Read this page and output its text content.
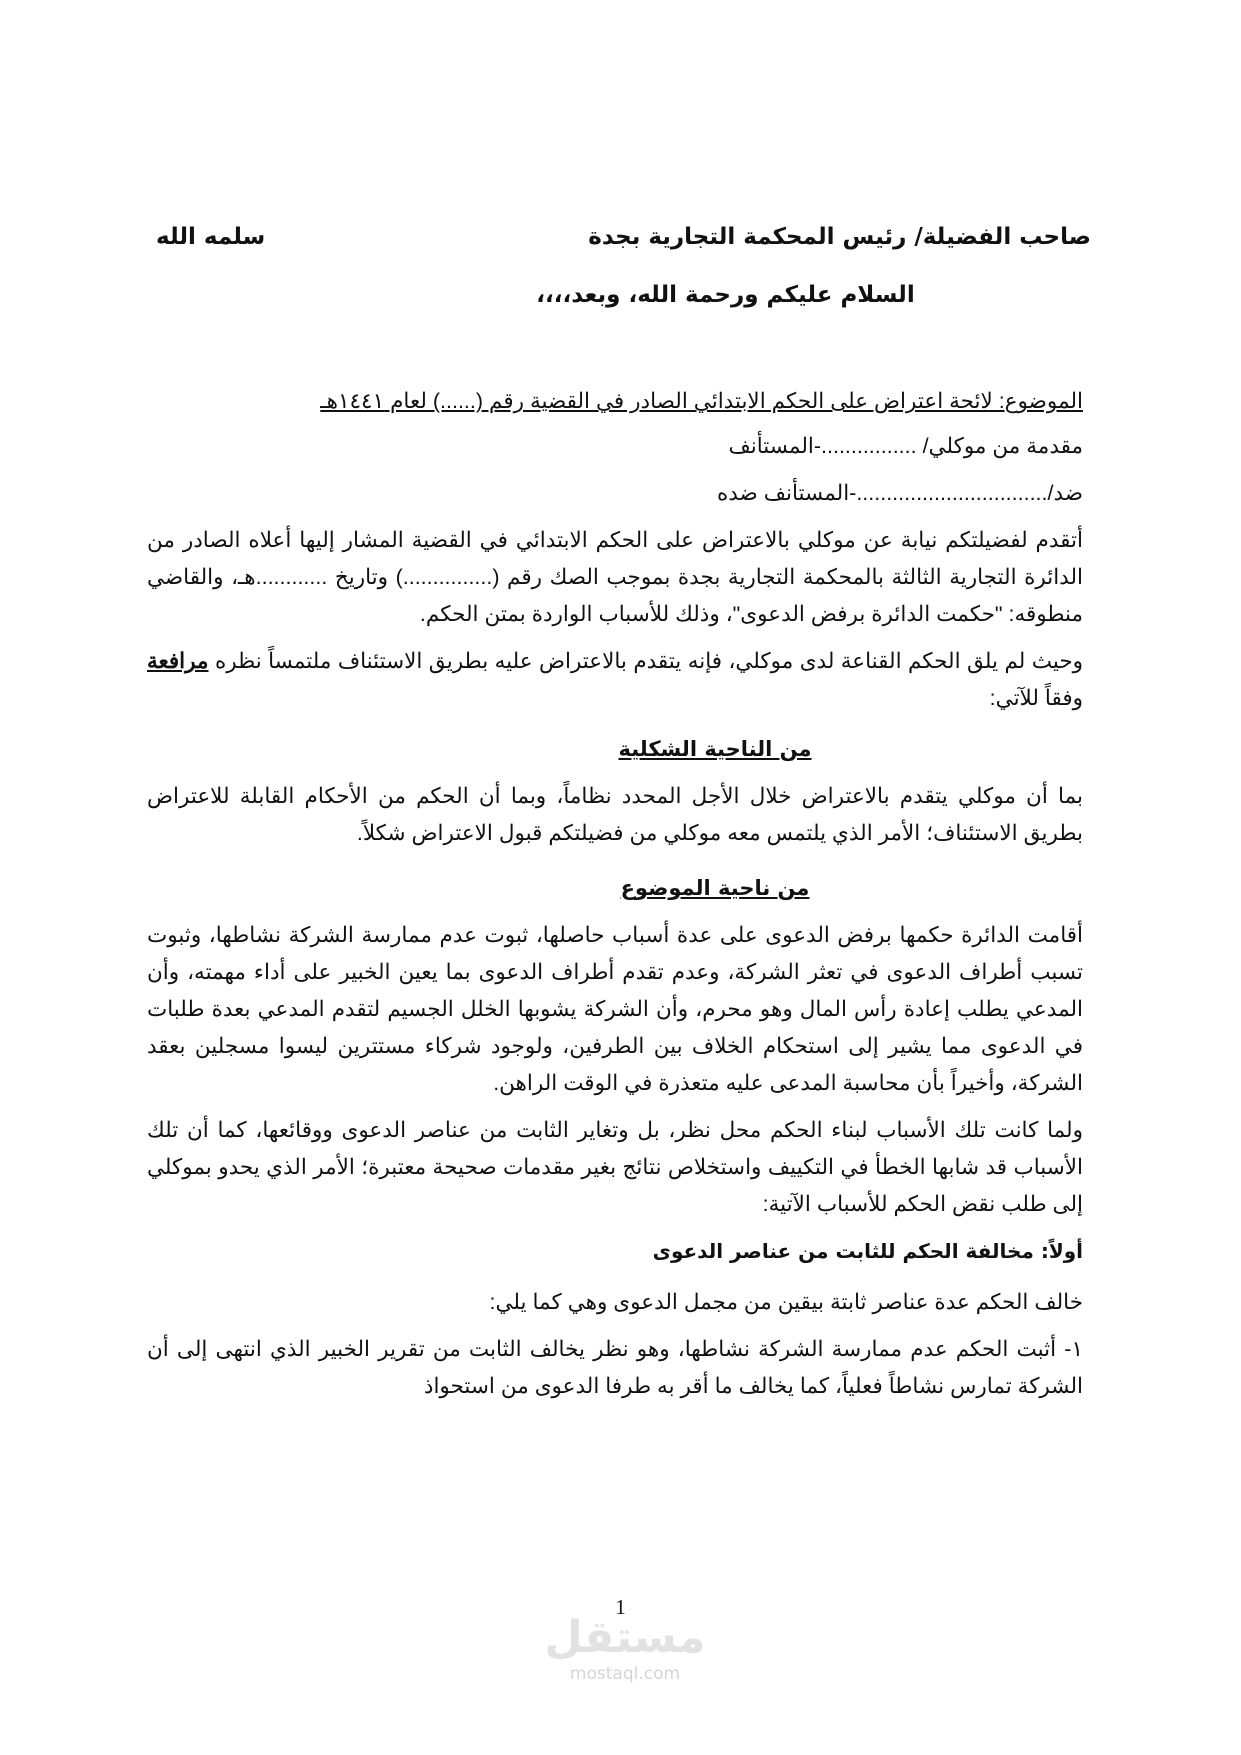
صاحب الفضيلة/ رئيس المحكمة التجارية بجدة
سلمه الله
السلام عليكم ورحمة الله، وبعد،،،،
الموضوع: لائحة اعتراض على الحكم الابتدائي الصادر في القضية رقم (......) لعام ١٤٤١هـ
مقدمة من موكلي/ ................-المستأنف
ضد/................................-المستأنف ضده

أتقدم لفضيلتكم نيابة عن موكلي بالاعتراض على الحكم الابتدائي في القضية المشار إليها أعلاه الصادر من الدائرة التجارية الثالثة بالمحكمة التجارية بجدة بموجب الصك رقم (...............) وتاريخ ............هـ، والقاضي منطوقه: "حكمت الدائرة برفض الدعوى"، وذلك للأسباب الواردة بمتن الحكم.

وحيث لم يلق الحكم القناعة لدى موكلي، فإنه يتقدم بالاعتراض عليه بطريق الاستئناف ملتمساً نظره مرافعة وفقاً للآتي:

من الناحية الشكلية

بما أن موكلي يتقدم بالاعتراض خلال الأجل المحدد نظاماً، وبما أن الحكم من الأحكام القابلة للاعتراض بطريق الاستئناف؛ الأمر الذي يلتمس معه موكلي من فضيلتكم قبول الاعتراض شكلاً.

من ناحية الموضوع

أقامت الدائرة حكمها برفض الدعوى على عدة أسباب حاصلها، ثبوت عدم ممارسة الشركة نشاطها، وثبوت تسبب أطراف الدعوى في تعثر الشركة، وعدم تقدم أطراف الدعوى بما يعين الخبير على أداء مهمته، وأن المدعي يطلب إعادة رأس المال وهو محرم، وأن الشركة يشوبها الخلل الجسيم لتقدم المدعي بعدة طلبات في الدعوى مما يشير إلى استحكام الخلاف بين الطرفين، ولوجود شركاء مستترين ليسوا مسجلين بعقد الشركة، وأخيراً بأن محاسبة المدعى عليه متعذرة في الوقت الراهن.

ولما كانت تلك الأسباب لبناء الحكم محل نظر، بل وتغاير الثابت من عناصر الدعوى ووقائعها، كما أن تلك الأسباب قد شابها الخطأ في التكييف واستخلاص نتائج بغير مقدمات صحيحة معتبرة؛ الأمر الذي يحدو بموكلي إلى طلب نقض الحكم للأسباب الآتية:

أولاً: مخالفة الحكم للثابت من عناصر الدعوى

خالف الحكم عدة عناصر ثابتة بيقين من مجمل الدعوى وهي كما يلي:

١- أثبت الحكم عدم ممارسة الشركة نشاطها، وهو نظر يخالف الثابت من تقرير الخبير الذي انتهى إلى أن الشركة تمارس نشاطاً فعلياً، كما يخالف ما أقر به طرفا الدعوى من استحواذ

1
مستقل
mostaql.com
